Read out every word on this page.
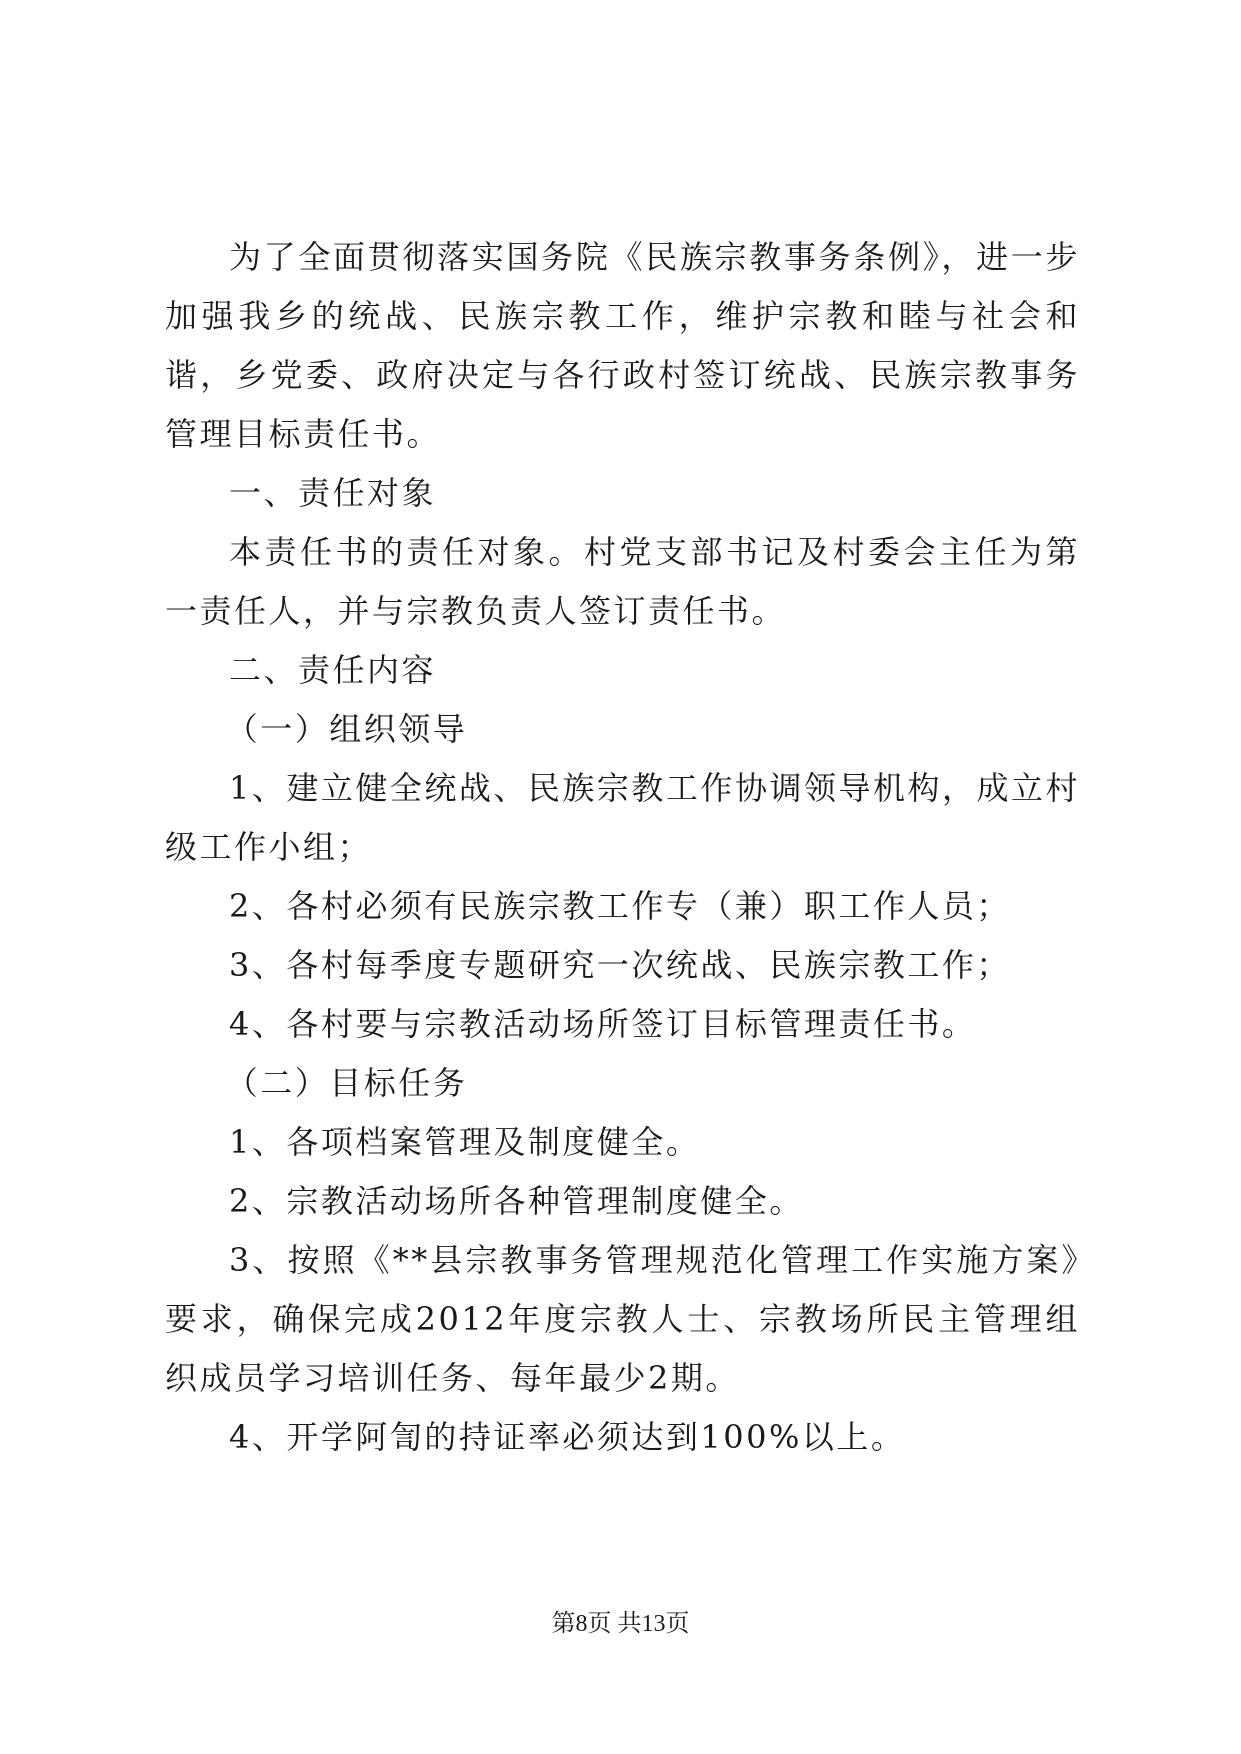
为了全面贯彻落实国务院《民族宗教事务条例》，进一步加强我乡的统战、民族宗教工作，维护宗教和睦与社会和谐，乡党委、政府决定与各行政村签订统战、民族宗教事务管理目标责任书。

一、责任对象

本责任书的责任对象。村党支部书记及村委会主任为第一责任人，并与宗教负责人签订责任书。

二、责任内容

（一）组织领导

1、建立健全统战、民族宗教工作协调领导机构，成立村级工作小组；

2、各村必须有民族宗教工作专（兼）职工作人员；

3、各村每季度专题研究一次统战、民族宗教工作；

4、各村要与宗教活动场所签订目标管理责任书。

（二）目标任务

1、各项档案管理及制度健全。

2、宗教活动场所各种管理制度健全。

3、按照《**县宗教事务管理规范化管理工作实施方案》要求，确保完成2012年度宗教人士、宗教场所民主管理组织成员学习培训任务、每年最少2期。

4、开学阿訇的持证率必须达到100%以上。

第8页 共13页
